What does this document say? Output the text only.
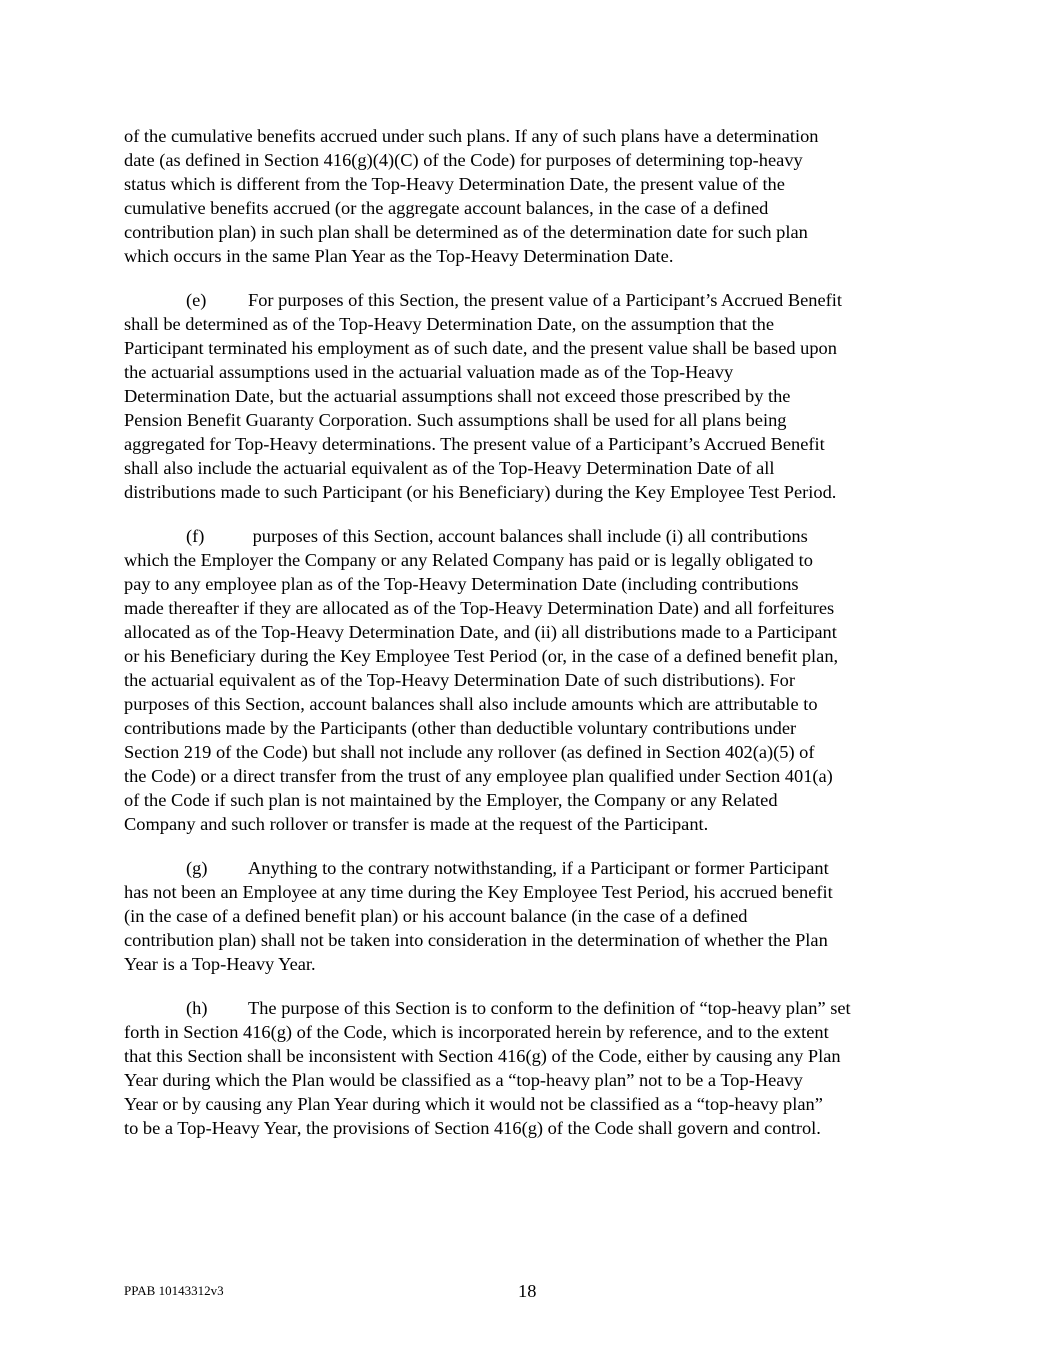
of the cumulative benefits accrued under such plans. If any of such plans have a determination
date (as defined in Section 416(g)(4)(C) of the Code) for purposes of determining top-heavy
status which is different from the Top-Heavy Determination Date, the present value of the
cumulative benefits accrued (or the aggregate account balances, in the case of a defined
contribution plan) in such plan shall be determined as of the determination date for such plan
which occurs in the same Plan Year as the Top-Heavy Determination Date.
(e) For purposes of this Section, the present value of a Participant’s Accrued Benefit
shall be determined as of the Top-Heavy Determination Date, on the assumption that the
Participant terminated his employment as of such date, and the present value shall be based upon
the actuarial assumptions used in the actuarial valuation made as of the Top-Heavy
Determination Date, but the actuarial assumptions shall not exceed those prescribed by the
Pension Benefit Guaranty Corporation. Such assumptions shall be used for all plans being
aggregated for Top-Heavy determinations. The present value of a Participant’s Accrued Benefit
shall also include the actuarial equivalent as of the Top-Heavy Determination Date of all
distributions made to such Participant (or his Beneficiary) during the Key Employee Test Period.
(f) purposes of this Section, account balances shall include (i) all contributions
which the Employer the Company or any Related Company has paid or is legally obligated to
pay to any employee plan as of the Top-Heavy Determination Date (including contributions
made thereafter if they are allocated as of the Top-Heavy Determination Date) and all forfeitures
allocated as of the Top-Heavy Determination Date, and (ii) all distributions made to a Participant
or his Beneficiary during the Key Employee Test Period (or, in the case of a defined benefit plan,
the actuarial equivalent as of the Top-Heavy Determination Date of such distributions). For
purposes of this Section, account balances shall also include amounts which are attributable to
contributions made by the Participants (other than deductible voluntary contributions under
Section 219 of the Code) but shall not include any rollover (as defined in Section 402(a)(5) of
the Code) or a direct transfer from the trust of any employee plan qualified under Section 401(a)
of the Code if such plan is not maintained by the Employer, the Company or any Related
Company and such rollover or transfer is made at the request of the Participant.
(g) Anything to the contrary notwithstanding, if a Participant or former Participant
has not been an Employee at any time during the Key Employee Test Period, his accrued benefit
(in the case of a defined benefit plan) or his account balance (in the case of a defined
contribution plan) shall not be taken into consideration in the determination of whether the Plan
Year is a Top-Heavy Year.
(h) The purpose of this Section is to conform to the definition of “top-heavy plan” set
forth in Section 416(g) of the Code, which is incorporated herein by reference, and to the extent
that this Section shall be inconsistent with Section 416(g) of the Code, either by causing any Plan
Year during which the Plan would be classified as a “top-heavy plan” not to be a Top-Heavy
Year or by causing any Plan Year during which it would not be classified as a “top-heavy plan”
to be a Top-Heavy Year, the provisions of Section 416(g) of the Code shall govern and control.
PPAB 10143312v3	18
